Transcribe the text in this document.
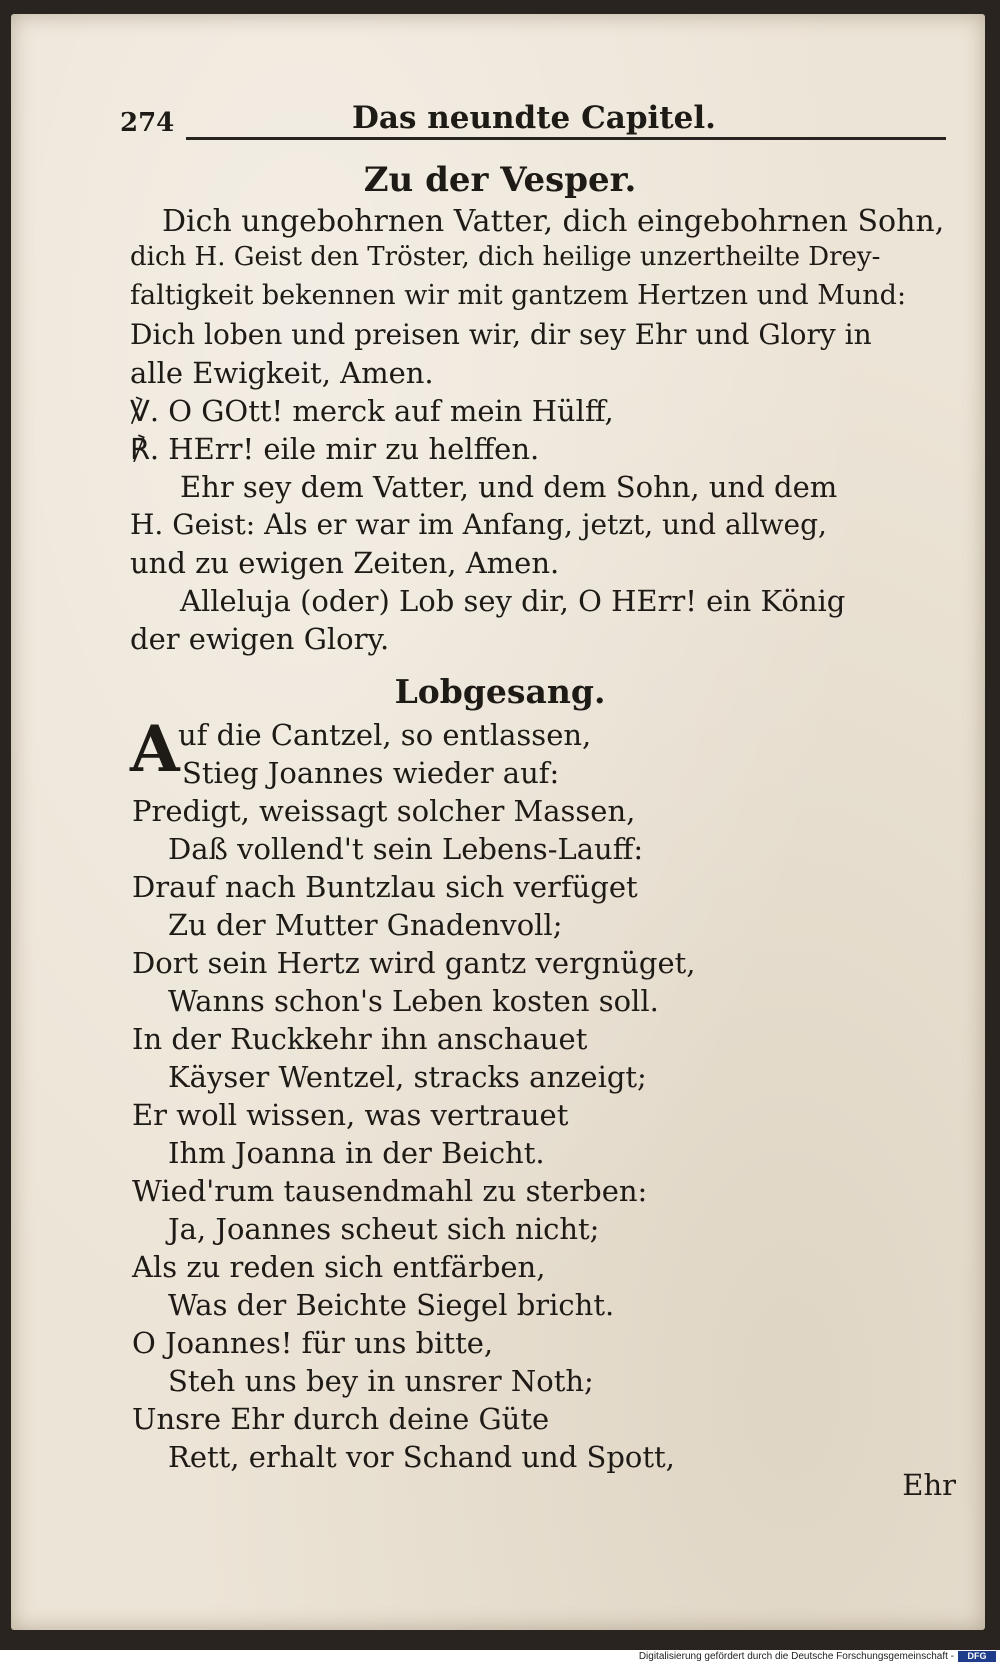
274	Das neundte Capitel.
Zu der Vesper.
Dich ungebohrnen Vatter, dich eingebohrnen Sohn,
dich H. Geist den Tröster, dich heilige unzertheilte Drey-
faltigkeit bekennen wir mit gantzem Hertzen und Mund:
Dich loben und preisen wir, dir sey Ehr und Glory in
alle Ewigkeit, Amen.
℣. O GOtt! merck auf mein Hülff,
℟. HErr! eile mir zu helffen.
Ehr sey dem Vatter, und dem Sohn, und dem
H. Geist: Als er war im Anfang, jetzt, und allweg,
und zu ewigen Zeiten, Amen.
Alleluja (oder) Lob sey dir, O HErr! ein König
der ewigen Glory.
Lobgesang.
A
uf die Cantzel, so entlassen,
Stieg Joannes wieder auf:
Predigt, weissagt solcher Massen,
Daß vollend't sein Lebens-Lauff:
Drauf nach Buntzlau sich verfüget
Zu der Mutter Gnadenvoll;
Dort sein Hertz wird gantz vergnüget,
Wanns schon's Leben kosten soll.
In der Ruckkehr ihn anschauet
Käyser Wentzel, stracks anzeigt;
Er woll wissen, was vertrauet
Ihm Joanna in der Beicht.
Wied'rum tausendmahl zu sterben:
Ja, Joannes scheut sich nicht;
Als zu reden sich entfärben,
Was der Beichte Siegel bricht.
O Joannes! für uns bitte,
Steh uns bey in unsrer Noth;
Unsre Ehr durch deine Güte
Rett, erhalt vor Schand und Spott,
Ehr
Digitalisierung gefördert durch die Deutsche Forschungsgemeinschaft -	DFG
